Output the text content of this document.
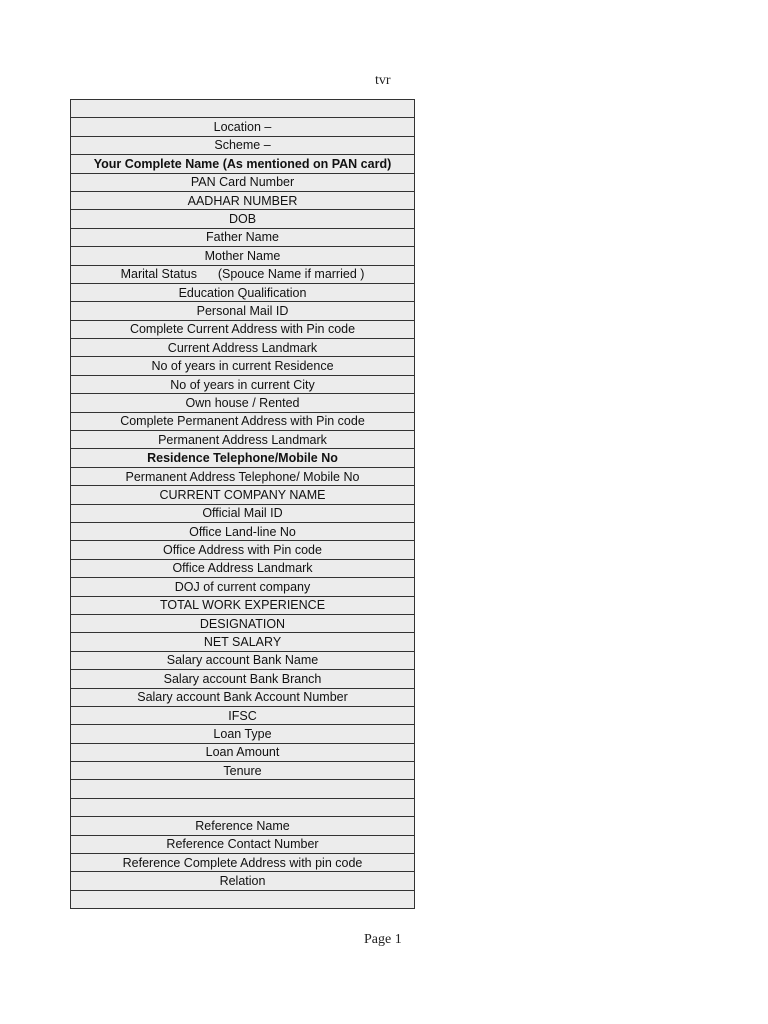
tvr

Location –
Scheme –
Your Complete Name (As mentioned on PAN card)
PAN Card Number
AADHAR NUMBER
DOB
Father Name
Mother Name
Marital Status      (Spouce Name if married )
Education Qualification
Personal Mail ID
Complete Current Address with Pin code
Current Address Landmark
No of years in current Residence
No of years in current City
Own house / Rented
Complete Permanent Address with Pin code
Permanent Address Landmark
Residence Telephone/Mobile No
Permanent Address Telephone/ Mobile No
CURRENT COMPANY NAME
Official Mail ID
Office Land-line No
Office Address with Pin code
Office Address Landmark
DOJ of current company
TOTAL WORK EXPERIENCE
DESIGNATION
NET SALARY
Salary account Bank Name
Salary account Bank Branch
Salary account Bank Account Number
IFSC
Loan Type
Loan Amount
Tenure

Reference Name
Reference Contact Number
Reference Complete Address with pin code
Relation

Page 1
